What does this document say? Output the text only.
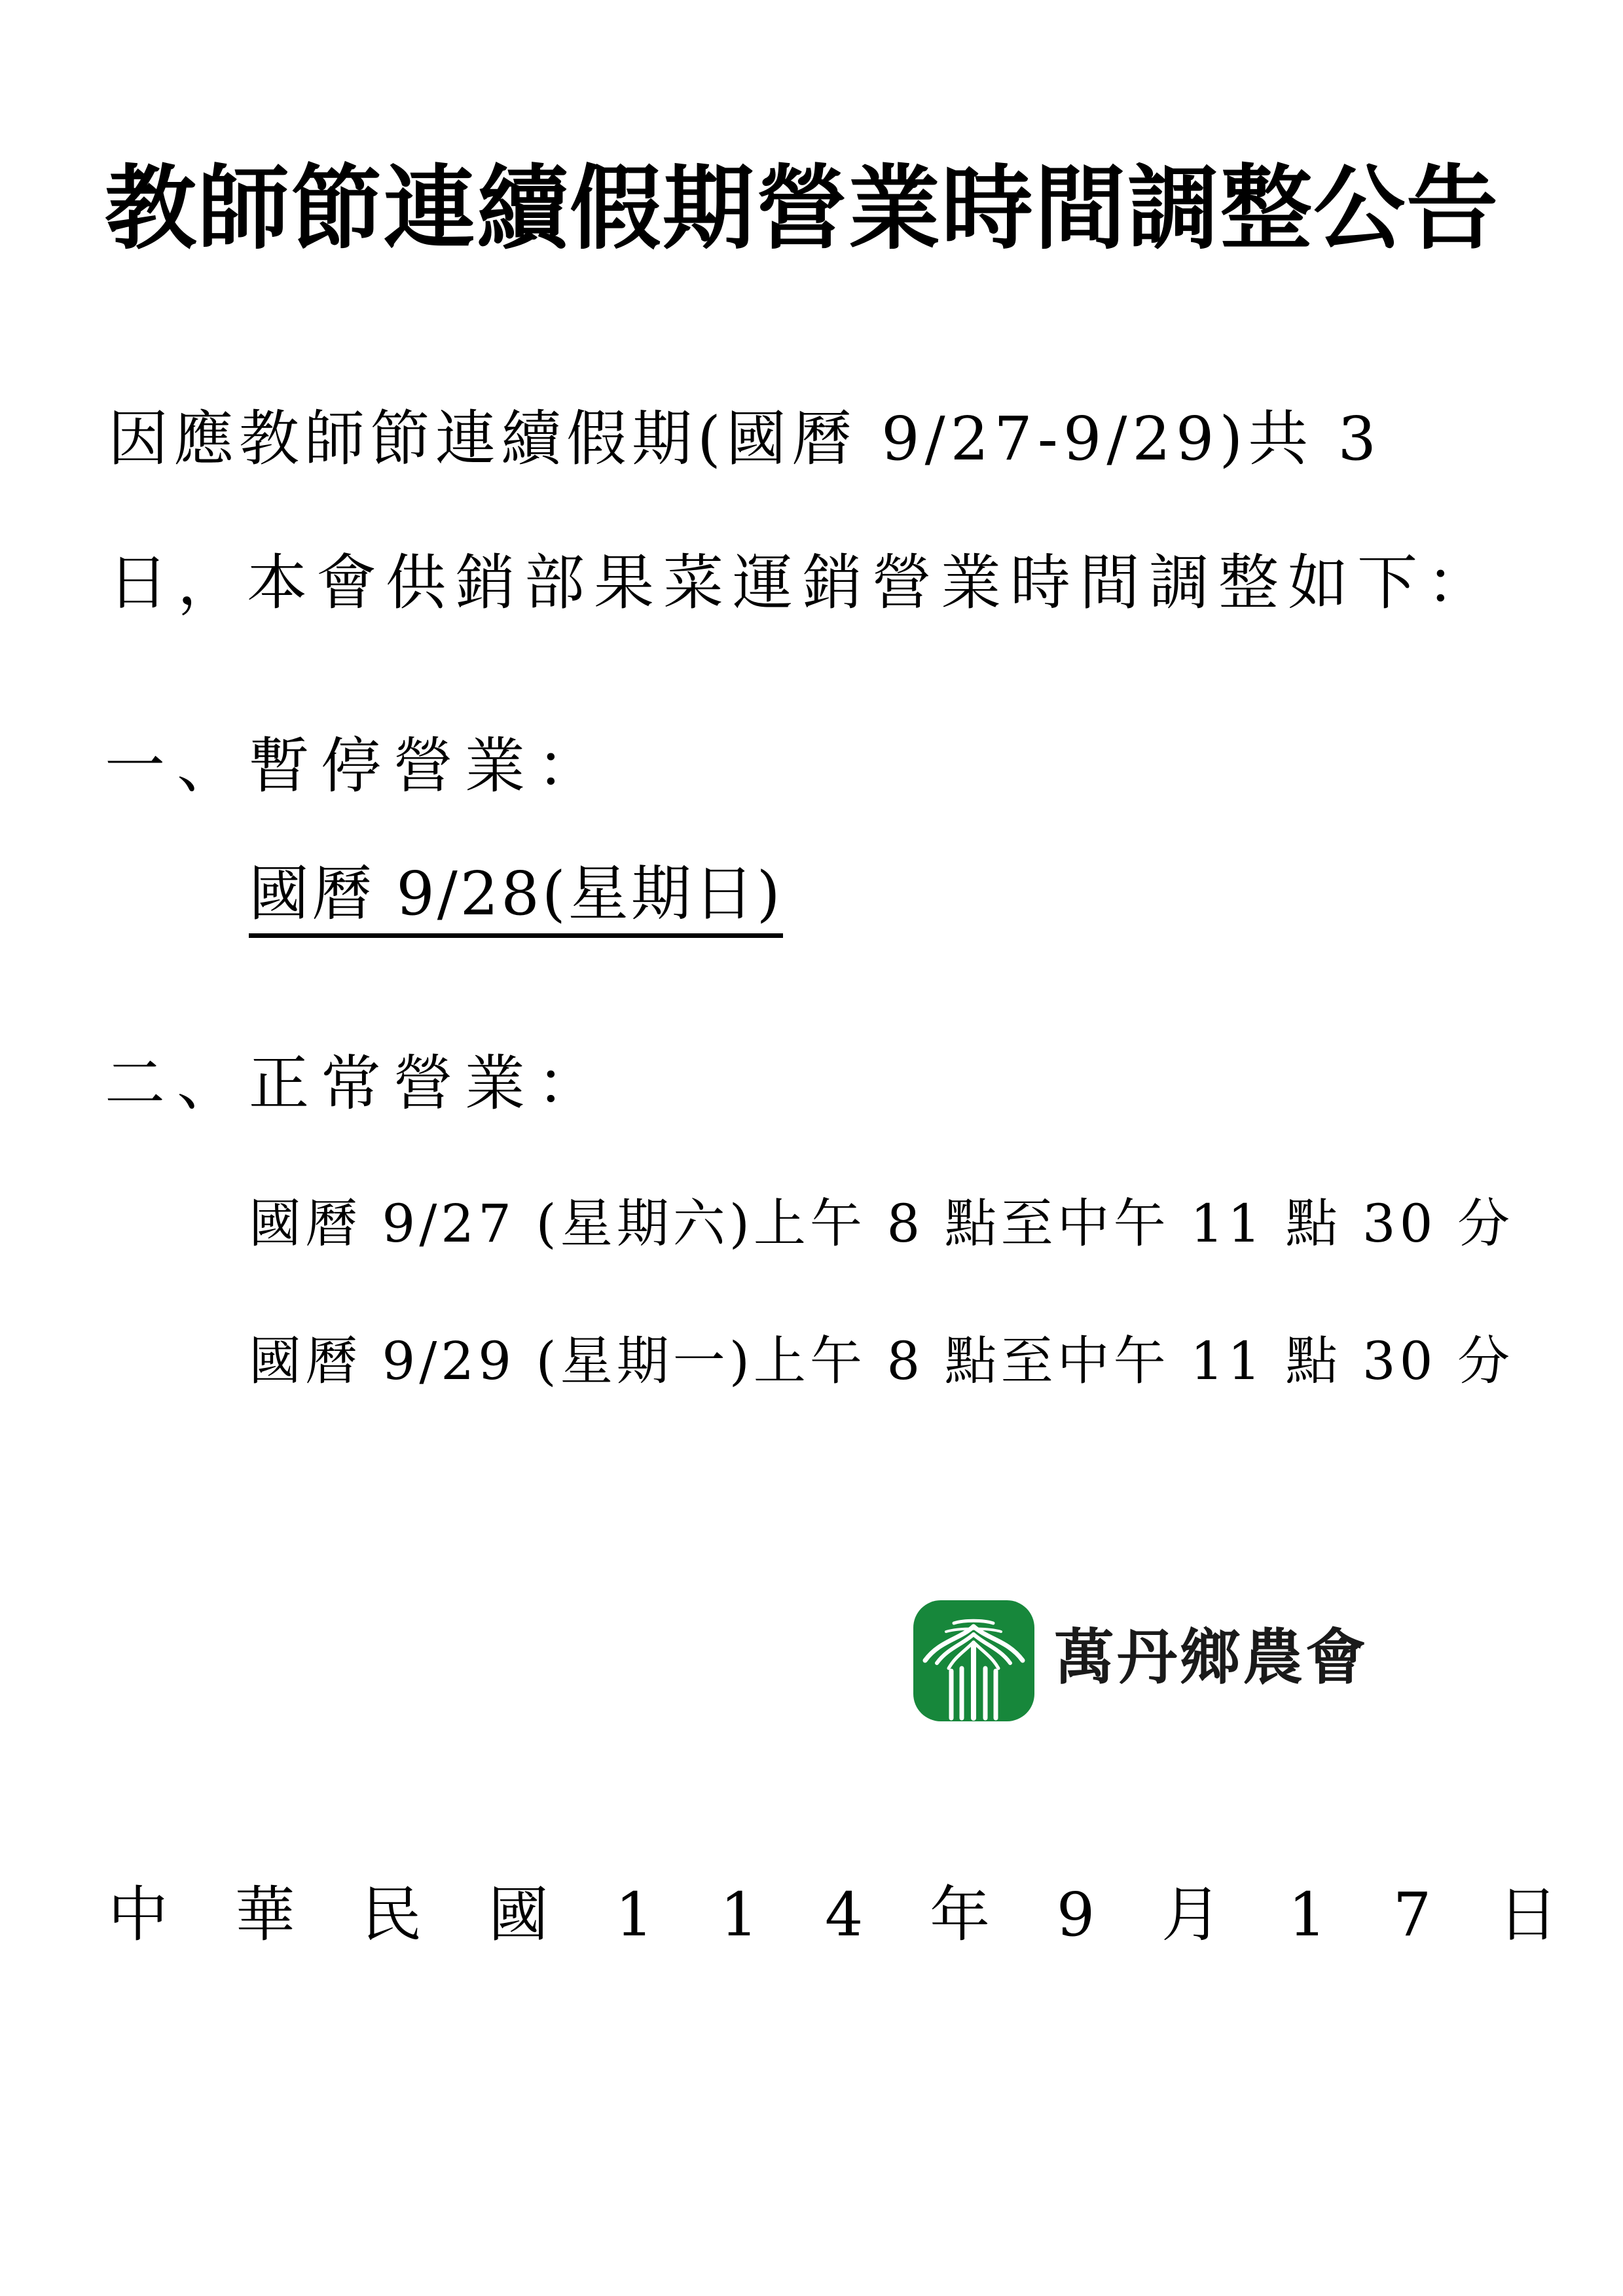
教師節連續假期營業時間調整公告
因應教師節連續假期(國曆 9/27-9/29)共 3
日，本會供銷部果菜運銷營業時間調整如下：
一、暫停營業：
國曆 9/28(星期日)
二、正常營業：
國曆 9/27 (星期六)上午 8 點至中午 11 點 30 分
國曆 9/29 (星期一)上午 8 點至中午 11 點 30 分
萬丹鄉農會
中 華 民 國 1 1 4 年 9 月 1 7 日
